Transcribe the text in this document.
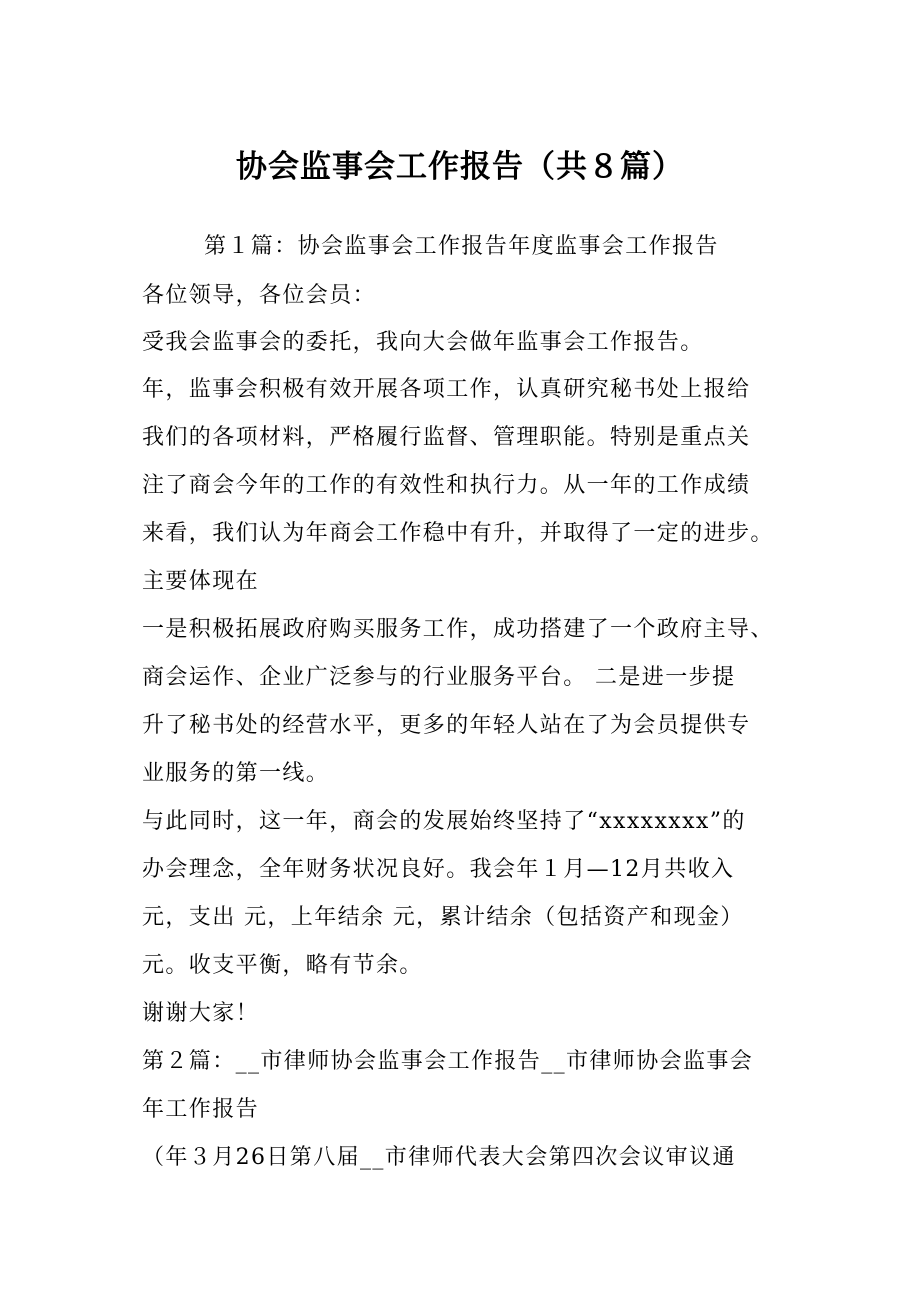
协会监事会工作报告（共８篇）
第１篇：协会监事会工作报告年度监事会工作报告
各位领导，各位会员：
受我会监事会的委托，我向大会做年监事会工作报告。
年，监事会积极有效开展各项工作，认真研究秘书处上报给
我们的各项材料，严格履行监督、管理职能。特别是重点关
注了商会今年的工作的有效性和执行力。从一年的工作成绩
来看，我们认为年商会工作稳中有升，并取得了一定的进步。
主要体现在
一是积极拓展政府购买服务工作，成功搭建了一个政府主导、
商会运作、企业广泛参与的行业服务平台。 二是进一步提
升了秘书处的经营水平，更多的年轻人站在了为会员提供专
业服务的第一线。
与此同时，这一年，商会的发展始终坚持了“xxxxxxxx”的
办会理念，全年财务状况良好。我会年１月—12月共收入
元，支出 元，上年结余 元，累计结余（包括资产和现金）
元。收支平衡，略有节余。
谢谢大家！
第２篇：__市律师协会监事会工作报告__市律师协会监事会
年工作报告
（年３月26日第八届__市律师代表大会第四次会议审议通
